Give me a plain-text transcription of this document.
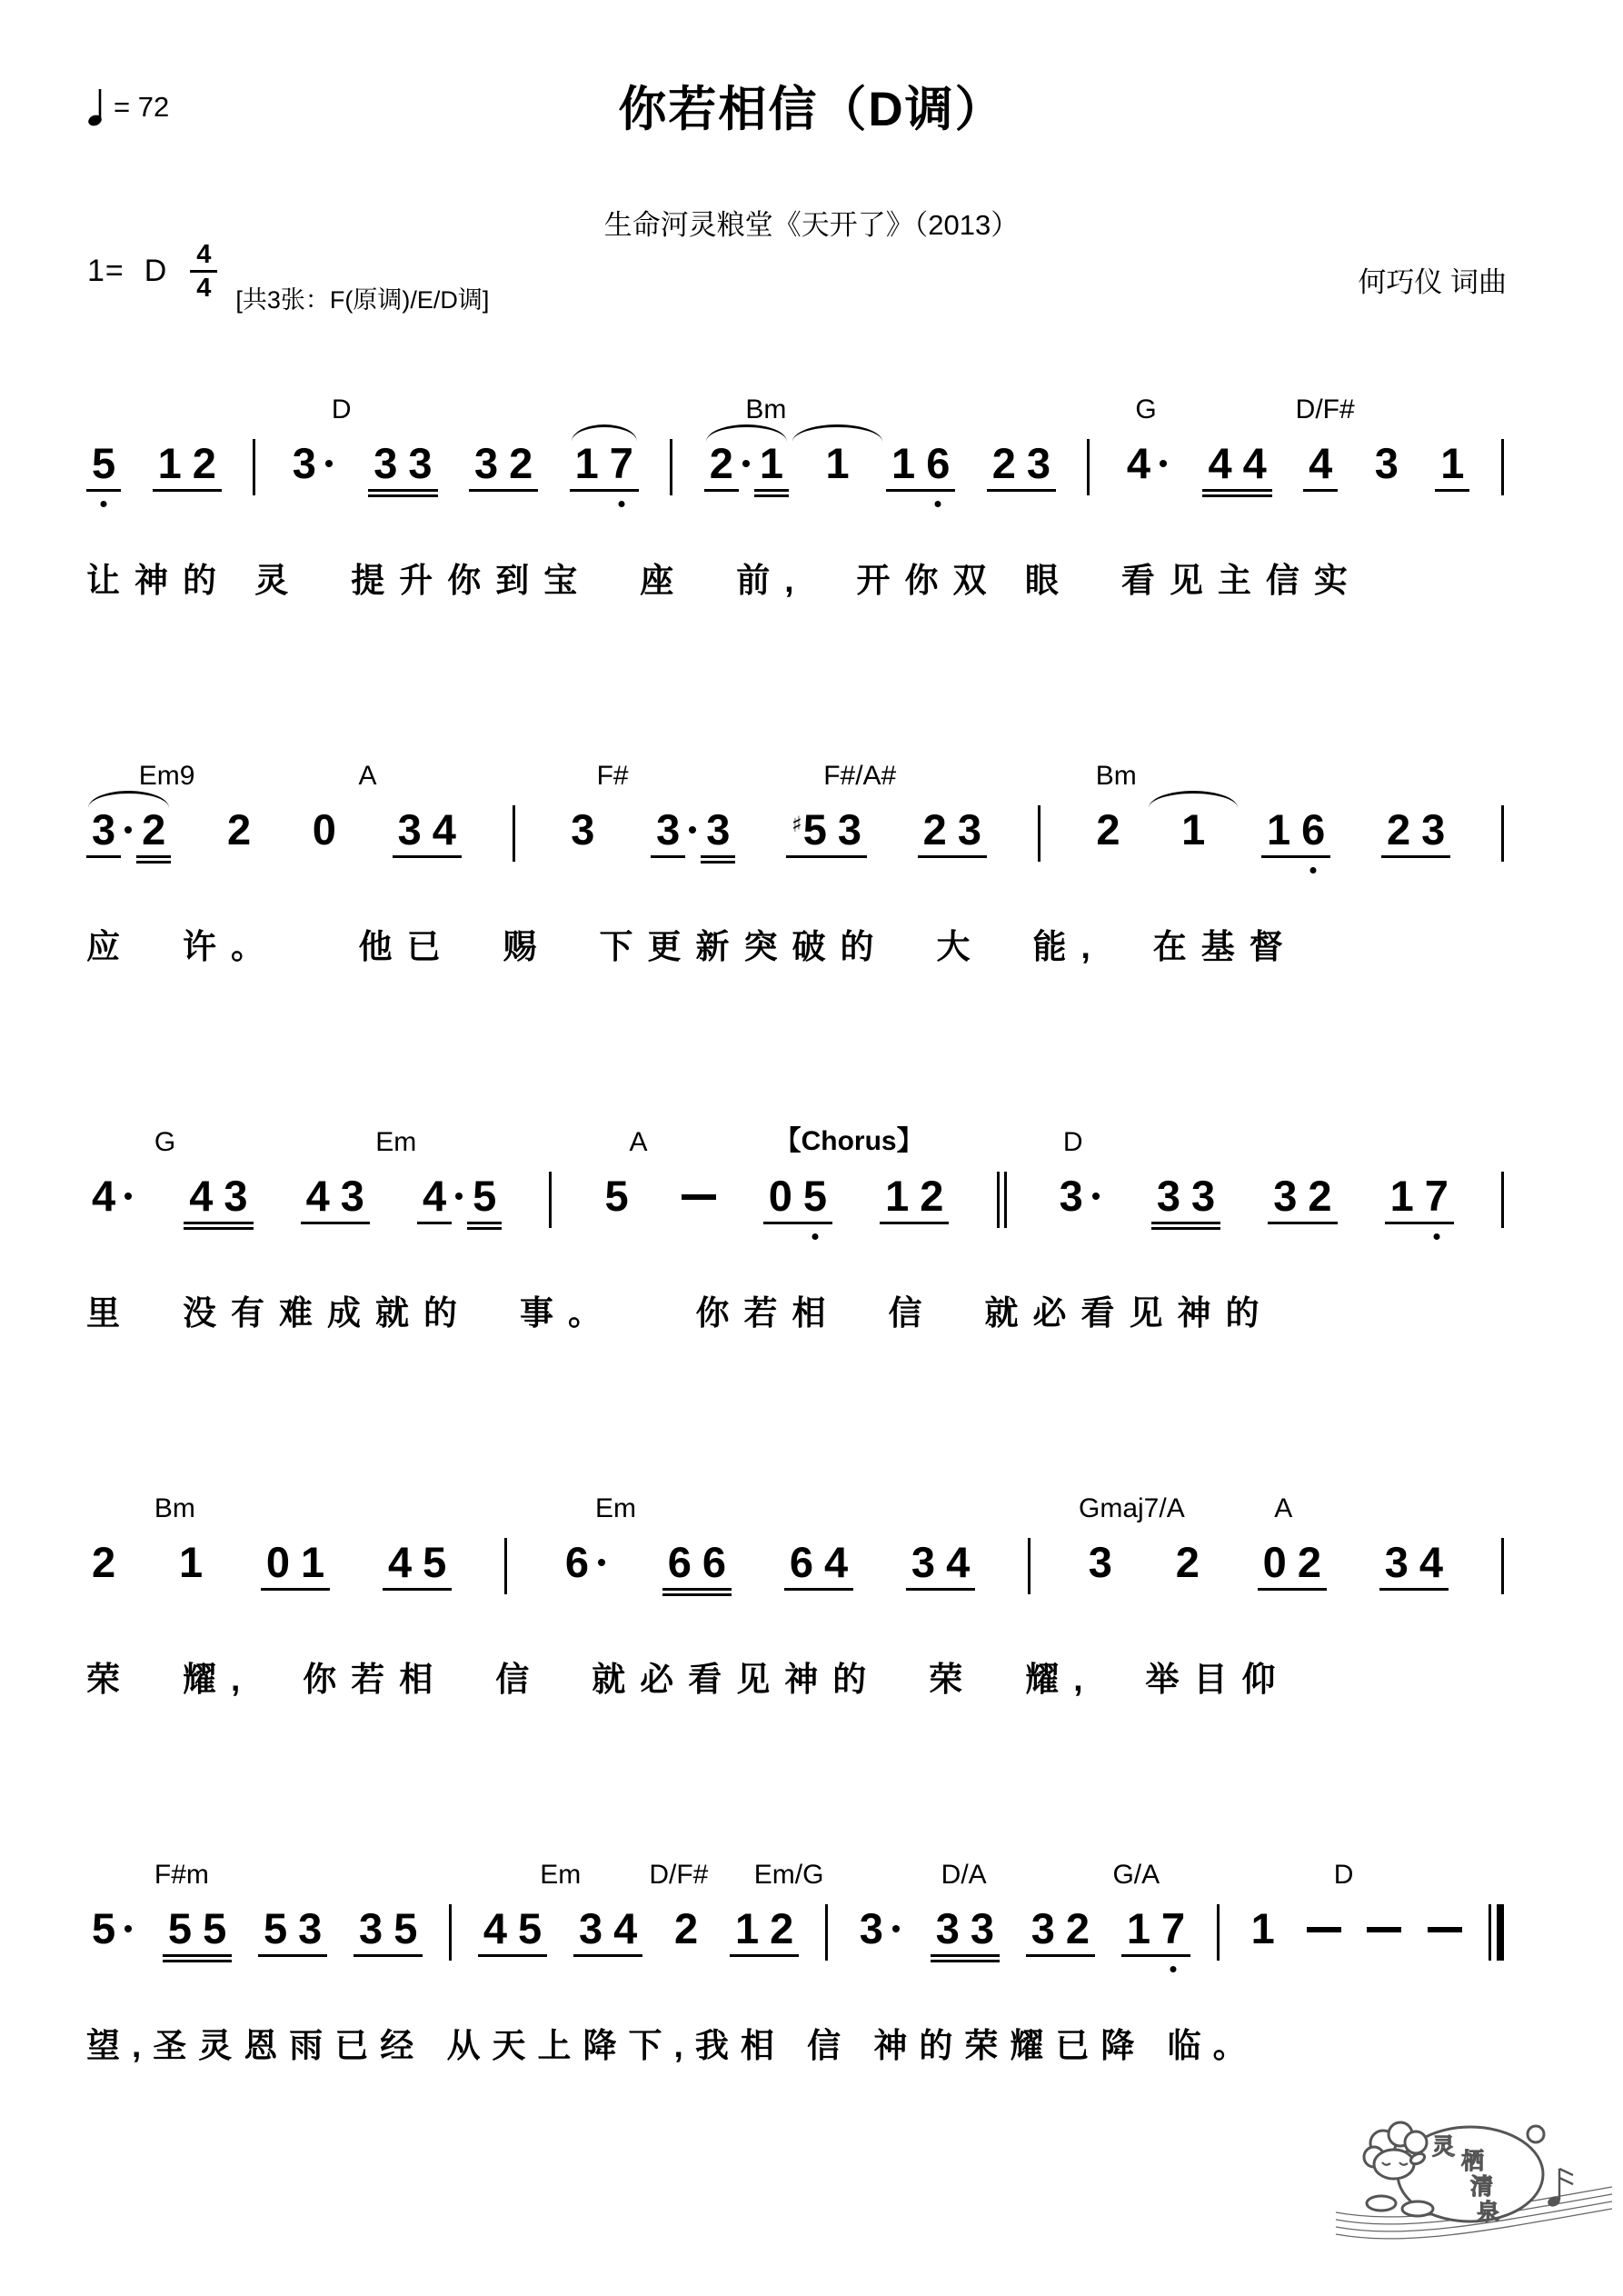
= 72	你若相信（D调）
生命河灵粮堂《天开了》（2013）
1= D $\frac{4}{4}$ [共3张：F(原调)/E/D调]
何巧仪 词曲
D	Bm	G	D/F#
5 1 2 3 3 3 3 2 1 7 2 1 1 1 6 2 3 4 4 4 4 3 1
让神的 灵　提升你到宝　座　前,　开你双 眼　看见主信实
Em9	A	F#	F#/A#	Bm
3 2 2 0 3 4	3 3 3	♯5 3 2 3	2 1 1 6 2 3
应　许。　　他已　赐　下更新突破的　大　能,　在基督
G	Em	A	【Chorus】	D
4 4 3 4 3 4 5	5	0 5 1 2	3 3 3 3 2 1 7
里　没有难成就的　事。　　你若相　信　就必看见神的
Bm	Em	Gmaj7/A	A
2 1 0 1 4 5	6 6 6 6 4 3 4	3 2 0 2 3 4
荣　耀,　你若相　信　就必看见神的　荣　耀,　举目仰
F#m	Em	D/F# Em/G	D/A	G/A	D
5 5 5 5 3 3 5 4 5 3 4 2 1 2 3 3 3 3 2 1 7 1
望,圣灵恩雨已经 从天上降下,我相 信 神的荣耀已降 临。
灵
栖
清
泉
